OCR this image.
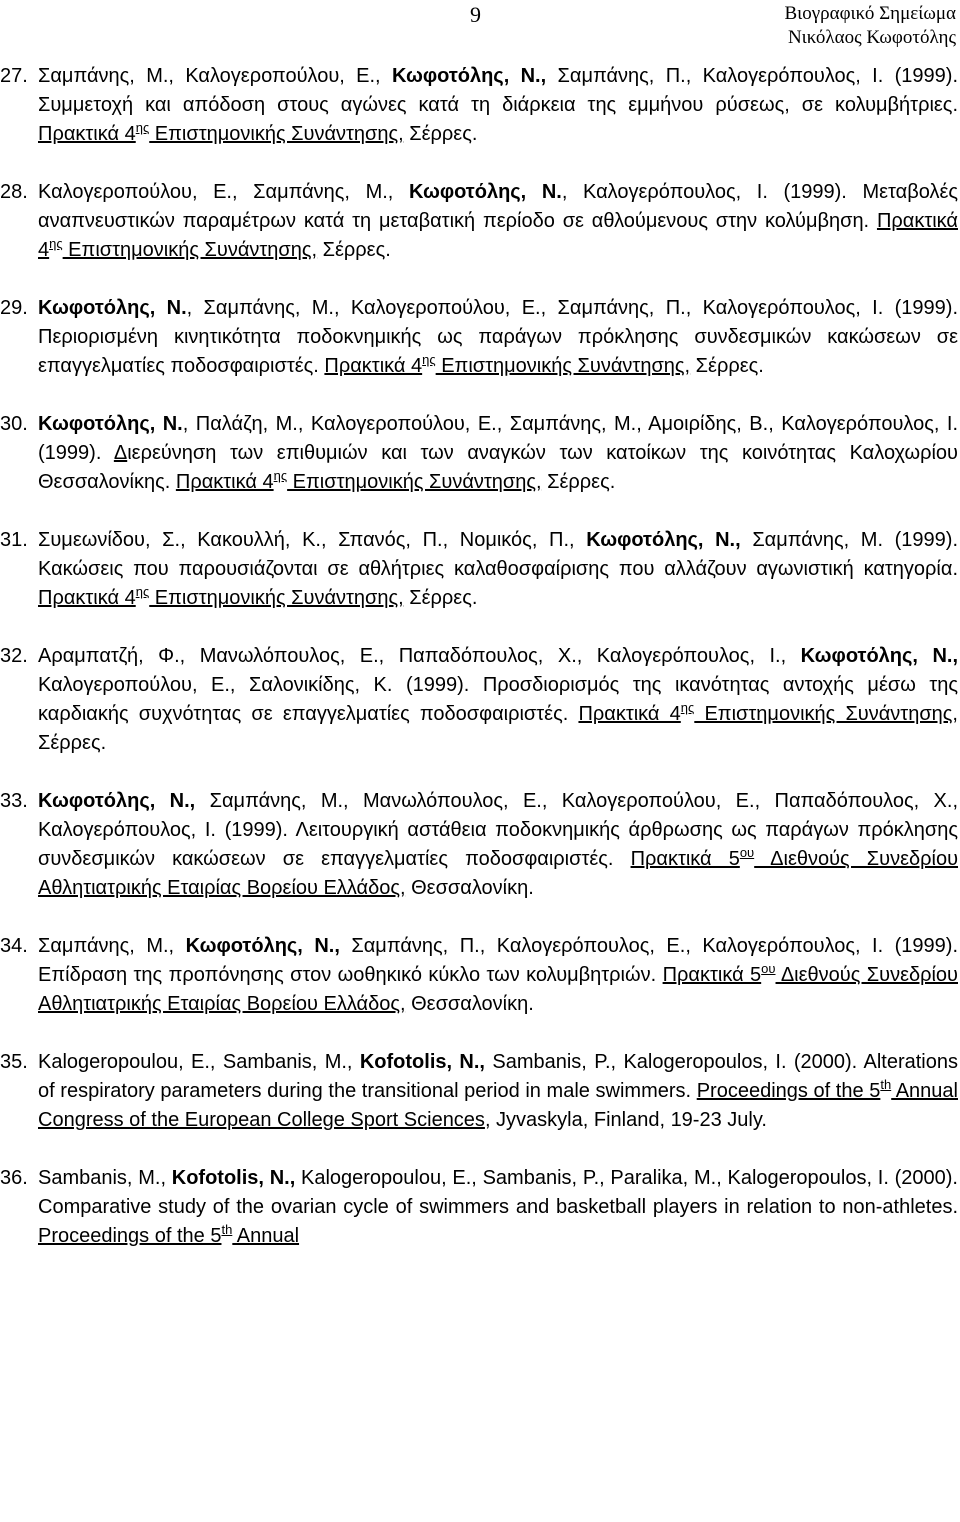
9	Βιογραφικό Σημείωμα
Νικόλαος Κωφοτόλης
27. Σαμπάνης, Μ., Καλογεροπούλου, Ε., Κωφοτόλης, Ν., Σαμπάνης, Π., Καλογερόπουλος, Ι. (1999). Συμμετοχή και απόδοση στους αγώνες κατά τη διάρκεια της εμμήνου ρύσεως, σε κολυμβήτριες. Πρακτικά $4^{\eta\varsigma}$ Επιστημονικής Συνάντησης, Σέρρες.
28. Καλογεροπούλου, Ε., Σαμπάνης, Μ., Κωφοτόλης, Ν., Καλογερόπουλος, Ι. (1999). Μεταβολές αναπνευστικών παραμέτρων κατά τη μεταβατική περίοδο σε αθλούμενους στην κολύμβηση. Πρακτικά $4^{\eta\varsigma}$ Επιστημονικής Συνάντησης, Σέρρες.
29. Κωφοτόλης, Ν., Σαμπάνης, Μ., Καλογεροπούλου, Ε., Σαμπάνης, Π., Καλογερόπουλος, Ι. (1999). Περιορισμένη κινητικότητα ποδοκνημικής ως παράγων πρόκλησης συνδεσμικών κακώσεων σε επαγγελματίες ποδοσφαιριστές. Πρακτικά $4^{\eta\varsigma}$ Επιστημονικής Συνάντησης, Σέρρες.
30. Κωφοτόλης, Ν., Παλάζη, Μ., Καλογεροπούλου, Ε., Σαμπάνης, Μ., Αμοιρίδης, Β., Καλογερόπουλος, Ι. (1999). Διερεύνηση των επιθυμιών και των αναγκών των κατοίκων της κοινότητας Καλοχωρίου Θεσσαλονίκης. Πρακτικά $4^{\eta\varsigma}$ Επιστημονικής Συνάντησης, Σέρρες.
31. Συμεωνίδου, Σ., Κακουλλή, Κ., Σπανός, Π., Νομικός, Π., Κωφοτόλης, Ν., Σαμπάνης, Μ. (1999). Κακώσεις που παρουσιάζονται σε αθλήτριες καλαθοσφαίρισης που αλλάζουν αγωνιστική κατηγορία. Πρακτικά $4^{\eta\varsigma}$ Επιστημονικής Συνάντησης, Σέρρες.
32. Αραμπατζή, Φ., Μανωλόπουλος, Ε., Παπαδόπουλος, Χ., Καλογερόπουλος, Ι., Κωφοτόλης, Ν., Καλογεροπούλου, Ε., Σαλονικίδης, Κ. (1999). Προσδιορισμός της ικανότητας αντοχής μέσω της καρδιακής συχνότητας σε επαγγελματίες ποδοσφαιριστές. Πρακτικά $4^{\eta\varsigma}$ Επιστημονικής Συνάντησης, Σέρρες.
33. Κωφοτόλης, Ν., Σαμπάνης, Μ., Μανωλόπουλος, Ε., Καλογεροπούλου, Ε., Παπαδόπουλος, Χ., Καλογερόπουλος, Ι. (1999). Λειτουργική αστάθεια ποδοκνημικής άρθρωσης ως παράγων πρόκλησης συνδεσμικών κακώσεων σε επαγγελματίες ποδοσφαιριστές. Πρακτικά $5^{o\upsilon}$ Διεθνούς Συνεδρίου Αθλητιατρικής Εταιρίας Βορείου Ελλάδος, Θεσσαλονίκη.
34. Σαμπάνης, Μ., Κωφοτόλης, Ν., Σαμπάνης, Π., Καλογερόπουλος, Ε., Καλογερόπουλος, Ι. (1999). Επίδραση της προπόνησης στον ωοθηκικό κύκλο των κολυμβητριών. Πρακτικά $5^{o\upsilon}$ Διεθνούς Συνεδρίου Αθλητιατρικής Εταιρίας Βορείου Ελλάδος, Θεσσαλονίκη.
35. Kalogeropoulou, E., Sambanis, M., Kofotolis, N., Sambanis, P., Kalogeropoulos, I. (2000). Alterations of respiratory parameters during the transitional period in male swimmers. Proceedings of the 5th Annual Congress of the European College Sport Sciences, Jyvaskyla, Finland, 19-23 July.
36. Sambanis, M., Kofotolis, N., Kalogeropoulou, E., Sambanis, P., Paralika, M., Kalogeropoulos, I. (2000). Comparative study of the ovarian cycle of swimmers and basketball players in relation to non-athletes. Proceedings of the 5th Annual
